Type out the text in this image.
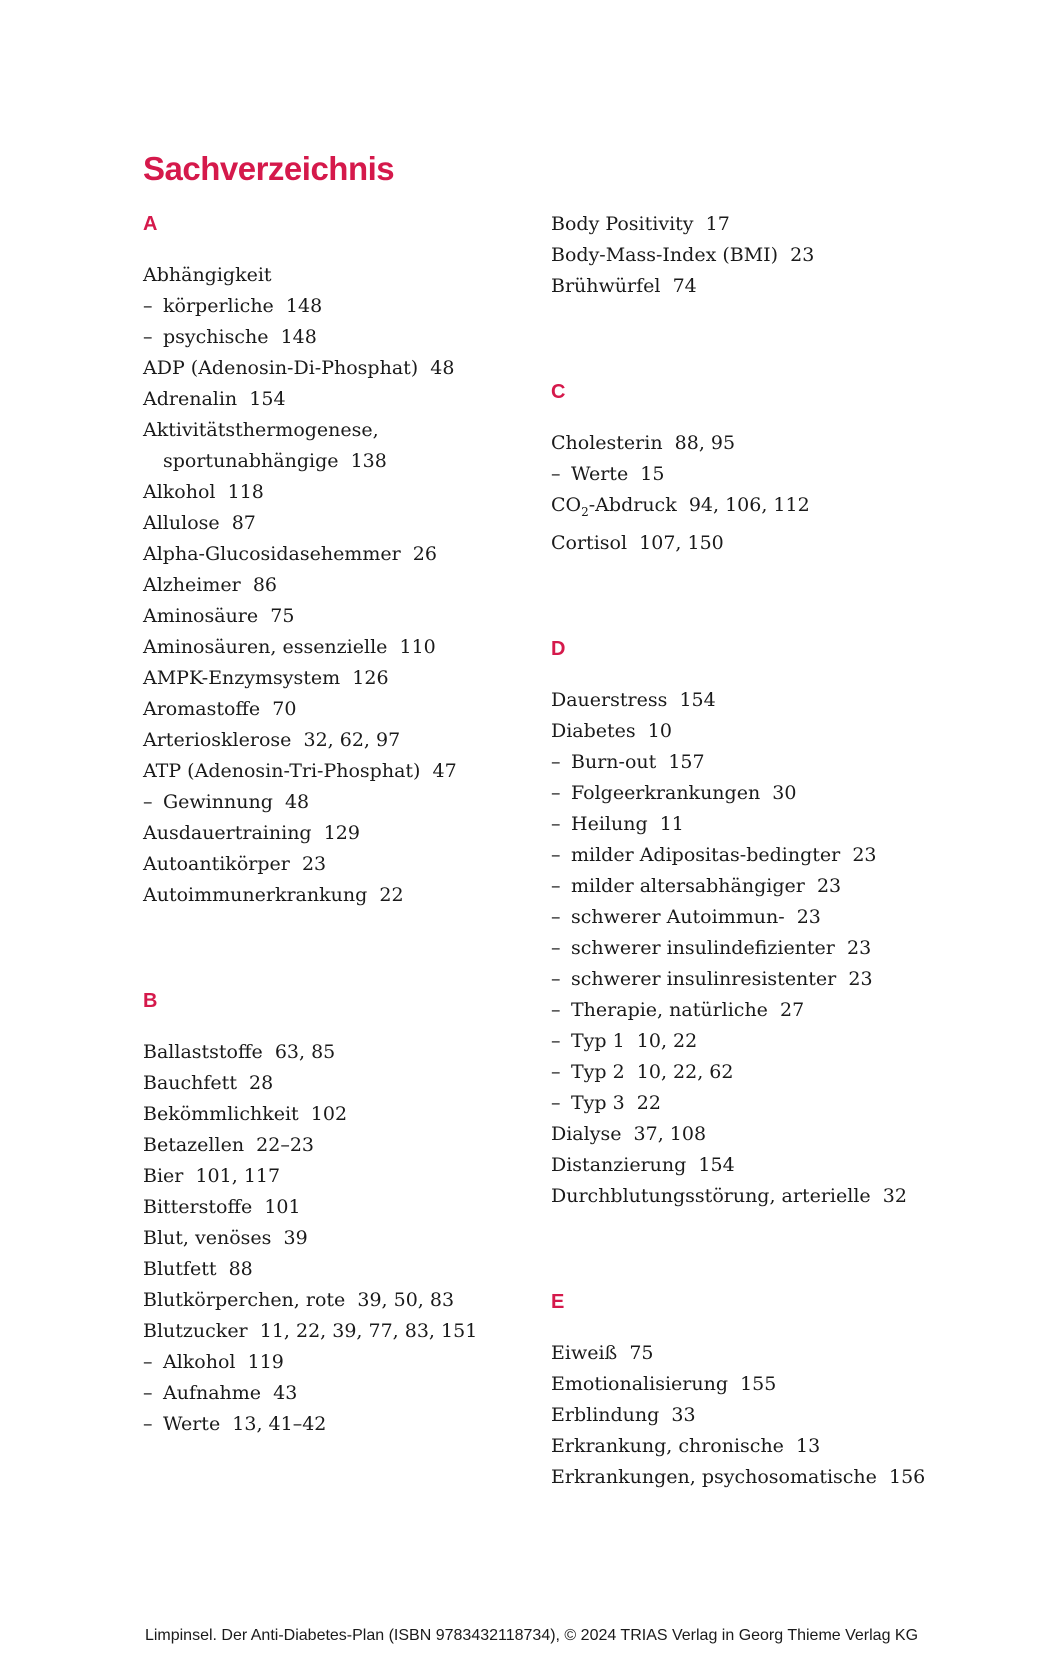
Sachverzeichnis
A
Abhängigkeit
– körperliche 148
– psychische 148
ADP (Adenosin-Di-Phosphat) 48
Adrenalin 154
Aktivitätsthermogenese,
sportunabhängige 138
Alkohol 118
Allulose 87
Alpha-Glucosidasehemmer 26
Alzheimer 86
Aminosäure 75
Aminosäuren, essenzielle 110
AMPK-Enzymsystem 126
Aromastoffe 70
Arteriosklerose 32, 62, 97
ATP (Adenosin-Tri-Phosphat) 47
– Gewinnung 48
Ausdauertraining 129
Autoantikörper 23
Autoimmunerkrankung 22
B
Ballaststoffe 63, 85
Bauchfett 28
Bekömmlichkeit 102
Betazellen 22–23
Bier 101, 117
Bitterstoffe 101
Blut, venöses 39
Blutfett 88
Blutkörperchen, rote 39, 50, 83
Blutzucker 11, 22, 39, 77, 83, 151
– Alkohol 119
– Aufnahme 43
– Werte 13, 41–42
Body Positivity 17
Body-Mass-Index (BMI) 23
Brühwürfel 74
C
Cholesterin 88, 95
– Werte 15
$CO_2$-Abdruck 94, 106, 112
Cortisol 107, 150
D
Dauerstress 154
Diabetes 10
– Burn-out 157
– Folgeerkrankungen 30
– Heilung 11
– milder Adipositas-bedingter 23
– milder altersabhängiger 23
– schwerer Autoimmun- 23
– schwerer insulindefizienter 23
– schwerer insulinresistenter 23
– Therapie, natürliche 27
– Typ 1 10, 22
– Typ 2 10, 22, 62
– Typ 3 22
Dialyse 37, 108
Distanzierung 154
Durchblutungsstörung, arterielle 32
E
Eiweiß 75
Emotionalisierung 155
Erblindung 33
Erkrankung, chronische 13
Erkrankungen, psychosomatische 156
Limpinsel. Der Anti-Diabetes-Plan (ISBN 9783432118734), © 2024 TRIAS Verlag in Georg Thieme Verlag KG
